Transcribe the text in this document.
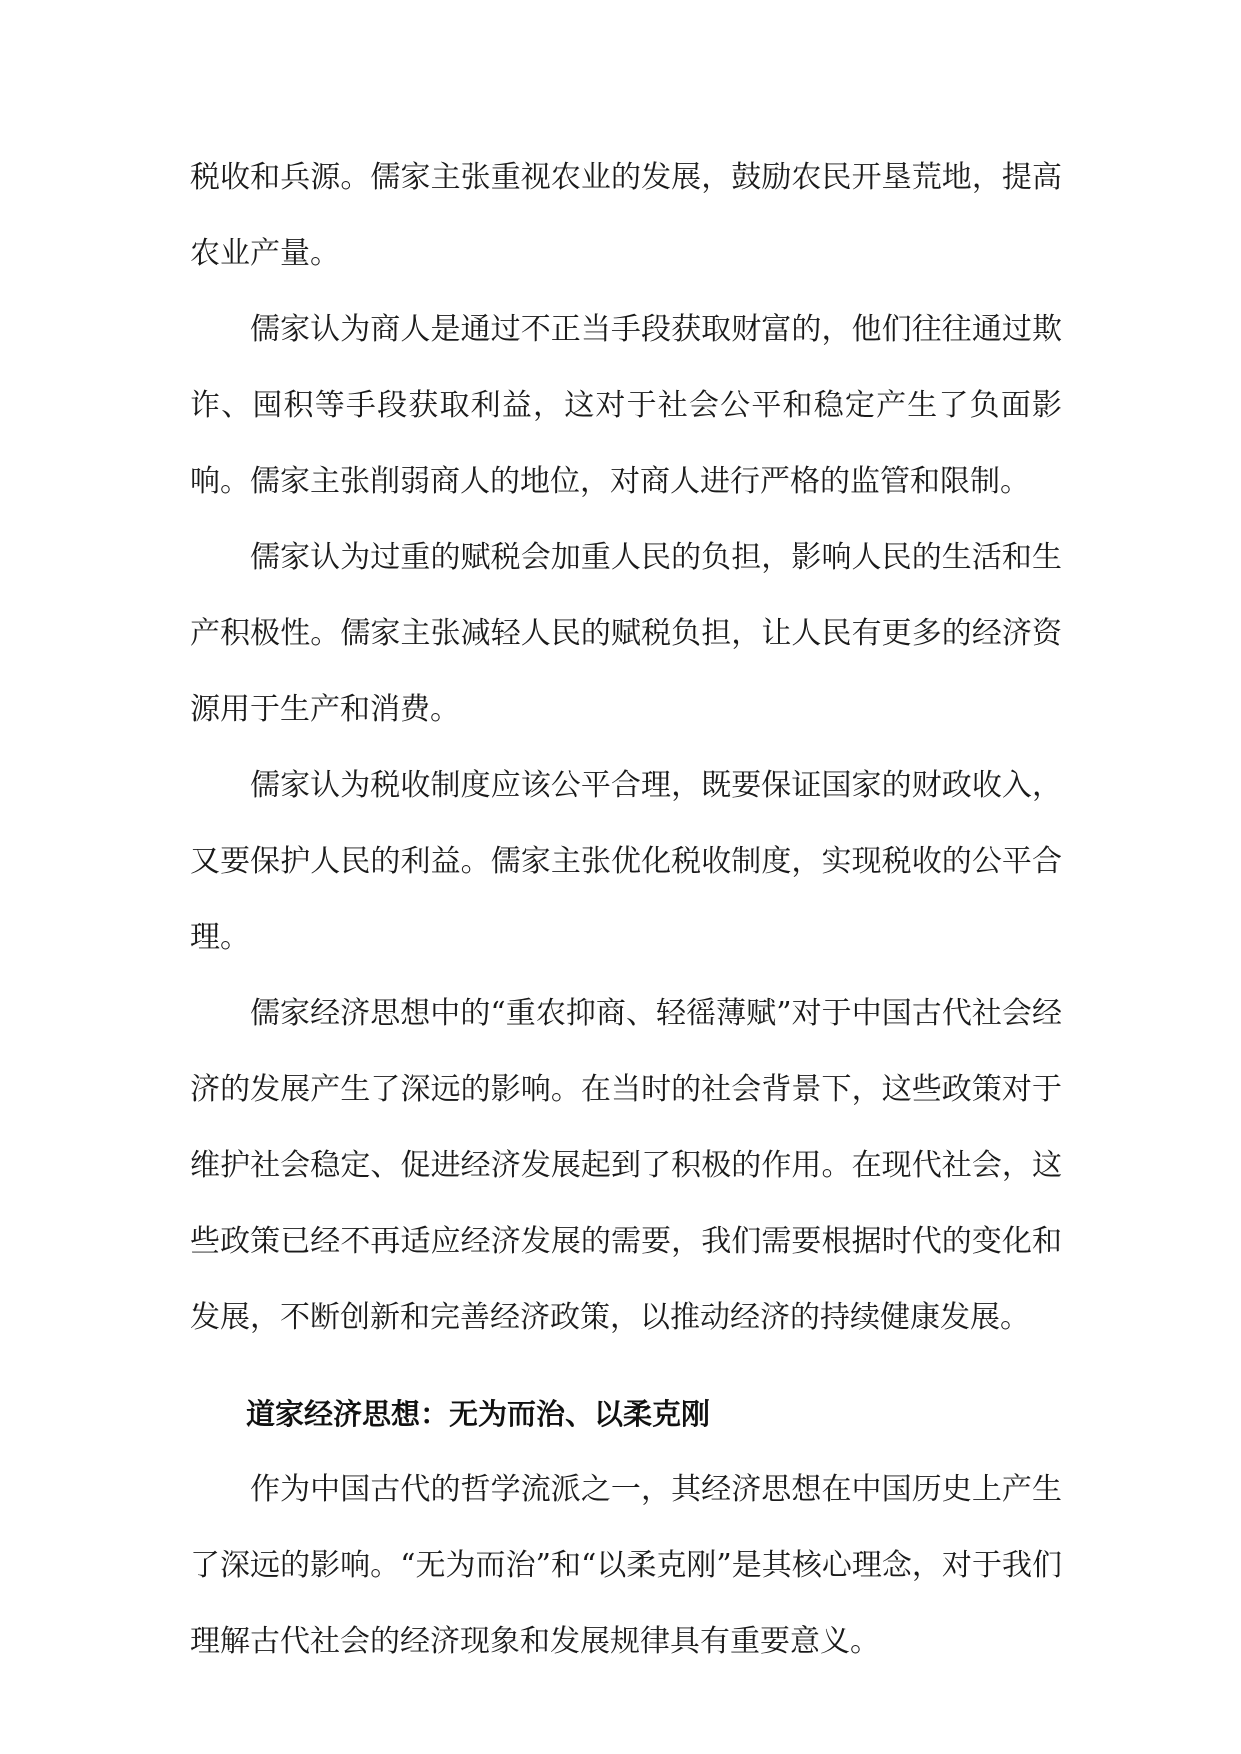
税收和兵源。儒家主张重视农业的发展，鼓励农民开垦荒地，提高农业产量。

儒家认为商人是通过不正当手段获取财富的，他们往往通过欺诈、囤积等手段获取利益，这对于社会公平和稳定产生了负面影响。儒家主张削弱商人的地位，对商人进行严格的监管和限制。

儒家认为过重的赋税会加重人民的负担，影响人民的生活和生产积极性。儒家主张减轻人民的赋税负担，让人民有更多的经济资源用于生产和消费。

儒家认为税收制度应该公平合理，既要保证国家的财政收入，又要保护人民的利益。儒家主张优化税收制度，实现税收的公平合理。

儒家经济思想中的“重农抑商、轻徭薄赋”对于中国古代社会经济的发展产生了深远的影响。在当时的社会背景下，这些政策对于维护社会稳定、促进经济发展起到了积极的作用。在现代社会，这些政策已经不再适应经济发展的需要，我们需要根据时代的变化和发展，不断创新和完善经济政策，以推动经济的持续健康发展。

道家经济思想：无为而治、以柔克刚

作为中国古代的哲学流派之一，其经济思想在中国历史上产生了深远的影响。“无为而治”和“以柔克刚”是其核心理念，对于我们理解古代社会的经济现象和发展规律具有重要意义。
